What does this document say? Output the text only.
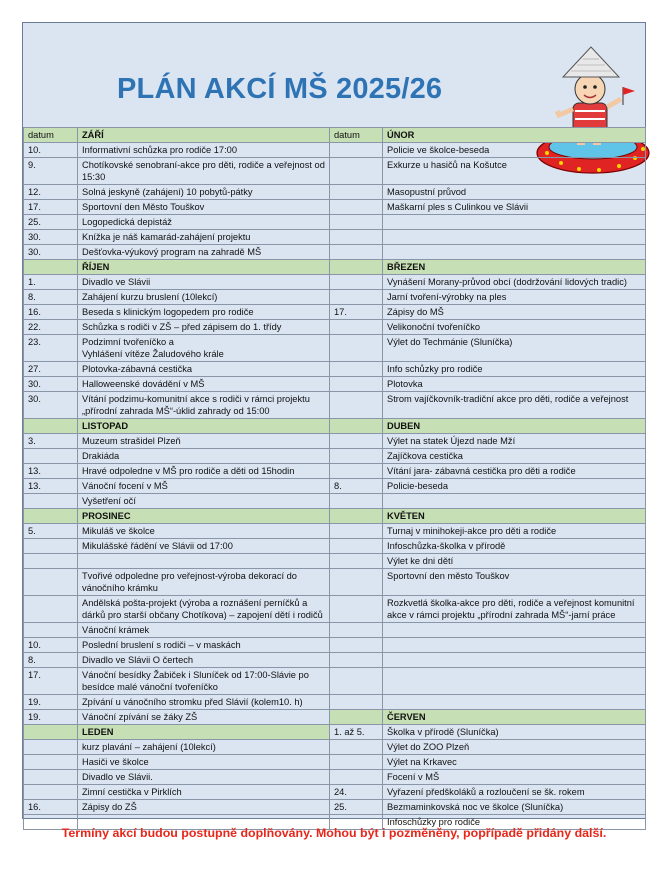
PLÁN AKCÍ MŠ 2025/26
datum	ZÁŘÍ	datum	ÚNOR
10.	Informativní schůzka pro rodiče 17:00		Policie ve školce-beseda
9.	Chotíkovské senobraní-akce pro děti, rodiče a veřejnost od 15:30		Exkurze u hasičů na Košutce
12.	Solná jeskyně (zahájení) 10 pobytů-pátky		Masopustní průvod
17.	Sportovní den Město Touškov		Maškarní ples s Culinkou ve Slávii
25.	Logopedická depistáž		
30.	Knížka je náš kamarád-zahájení projektu		
30.	Dešťovka-výukový program na zahradě MŠ		
	ŘÍJEN		BŘEZEN
1.	Divadlo ve Slávii		Vynášení Morany-průvod obcí (dodržování lidových tradic)
8.	Zahájení kurzu bruslení (10lekcí)		Jarní tvoření-výrobky na ples
16.	Beseda s klinickým logopedem pro rodiče	17.	Zápisy do MŠ
22.	Schůzka s rodiči v ZŠ – před zápisem do 1. třídy		Velikonoční tvořeníčko
23.	Podzimní tvořeníčko a
Vyhlášení vítěze Žaludového krále		Výlet do Techmánie (Sluníčka)
27.	Plotovka-zábavná cestička		Info schůzky pro rodiče
30.	Halloweenské dovádění v MŠ		Plotovka
30.	Vítání podzimu-komunitní akce s rodiči v rámci projektu „přírodní zahrada MŠ“-úklid zahrady od 15:00		Strom vajíčkovník-tradiční akce pro děti, rodiče a veřejnost
	LISTOPAD		DUBEN
3.	Muzeum strašidel Plzeň		Výlet na statek Újezd nade Mží
	Drakiáda		Zajíčkova cestička
13.	Hravé odpoledne v MŠ pro rodiče a děti od 15hodin		Vítání jara- zábavná cestička pro děti a rodiče
13.	Vánoční focení v MŠ	8.	Policie-beseda
	Vyšetření očí		
	PROSINEC		KVĚTEN
5.	Mikuláš ve školce		Turnaj v minihokeji-akce pro děti a rodiče
	Mikulášské řádění ve Slávii od 17:00		Infoschůzka-školka v přírodě
			Výlet ke dni dětí
	Tvořivé odpoledne pro veřejnost-výroba dekorací do vánočního krámku		Sportovní den město Touškov
	Andělská pošta-projekt (výroba a roznášení perníčků a dárků pro starší občany Chotíkova) – zapojení dětí i rodičů		Rozkvetlá školka-akce pro děti, rodiče a veřejnost komunitní akce v rámci projektu „přírodní zahrada MŠ“-jarní práce
	Vánoční krámek		
10.	Poslední bruslení s rodiči – v maskách		
8.	Divadlo ve Slávii O čertech		
17.	Vánoční besídky Žabiček i Sluníček od 17:00-Slávie po besídce malé vánoční tvořeníčko		
19.	Zpívání u vánočního stromku před Slávií (kolem10. h)		
19.	Vánoční zpívání se žáky ZŠ		ČERVEN
	LEDEN	1. až 5.	Školka v přírodě (Sluníčka)
	kurz plavání – zahájení (10lekcí)		Výlet do ZOO Plzeň
	Hasiči ve školce		Výlet na Krkavec
	Divadlo ve Slávii.		Focení v MŠ
	Zimní cestička v Pirklích	24.	Vyřazení předškoláků a rozloučení se šk. rokem
16.	Zápisy do ZŠ	25.	Bezmaminkovská noc ve školce (Sluníčka)
			Infoschůzky pro rodiče
Termíny akcí budou postupně doplňovány. Mohou být i pozměněny, popřípadě přidány další.
